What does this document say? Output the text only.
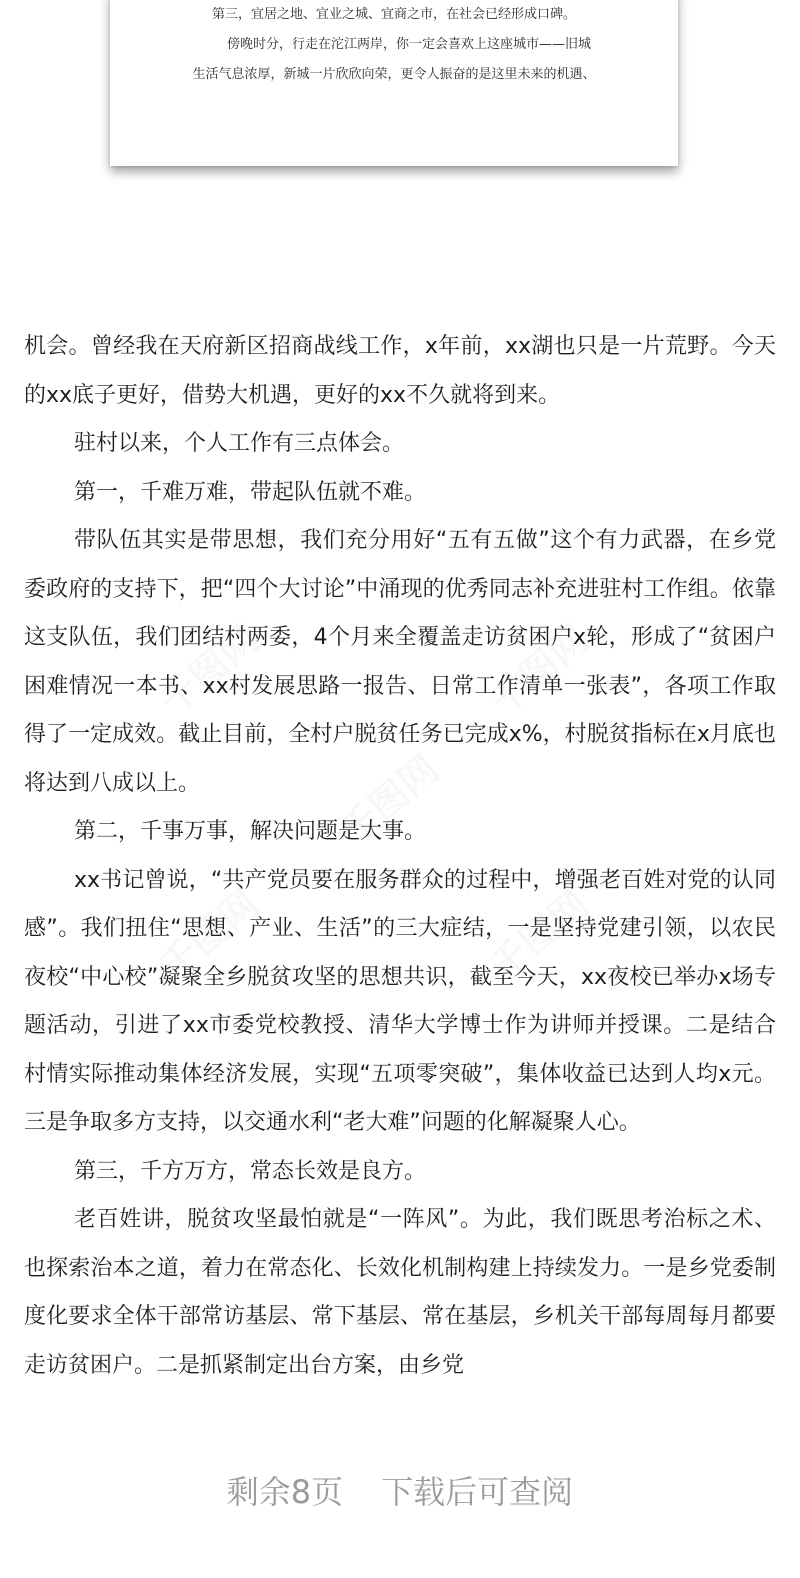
第三，宜居之地、宜业之城、宜商之市，在社会已经形成口碑。
傍晚时分，行走在沱江两岸，你一定会喜欢上这座城市——旧城
生活气息浓厚，新城一片欣欣向荣，更令人振奋的是这里未来的机遇、
千图网	千图网
千图网
千图网	千图网

机会。曾经我在天府新区招商战线工作，x年前，xx湖也只是一片荒野。今天的xx底子更好，借势大机遇，更好的xx不久就将到来。

驻村以来，个人工作有三点体会。

第一，千难万难，带起队伍就不难。

带队伍其实是带思想，我们充分用好“五有五做”这个有力武器，在乡党委政府的支持下，把“四个大讨论”中涌现的优秀同志补充进驻村工作组。依靠这支队伍，我们团结村两委，4个月来全覆盖走访贫困户x轮，形成了“贫困户困难情况一本书、xx村发展思路一报告、日常工作清单一张表”，各项工作取得了一定成效。截止目前，全村户脱贫任务已完成x%，村脱贫指标在x月底也将达到八成以上。

第二，千事万事，解决问题是大事。

xx书记曾说，“共产党员要在服务群众的过程中，增强老百姓对党的认同感”。我们扭住“思想、产业、生活”的三大症结，一是坚持党建引领，以农民夜校“中心校”凝聚全乡脱贫攻坚的思想共识，截至今天，xx夜校已举办x场专题活动，引进了xx市委党校教授、清华大学博士作为讲师并授课。二是结合村情实际推动集体经济发展，实现“五项零突破”，集体收益已达到人均x元。三是争取多方支持，以交通水利“老大难”问题的化解凝聚人心。

第三，千方万方，常态长效是良方。

老百姓讲，脱贫攻坚最怕就是“一阵风”。为此，我们既思考治标之术、也探索治本之道，着力在常态化、长效化机制构建上持续发力。一是乡党委制度化要求全体干部常访基层、常下基层、常在基层，乡机关干部每周每月都要走访贫困户。二是抓紧制定出台方案，由乡党

剩余8页 下载后可查阅
